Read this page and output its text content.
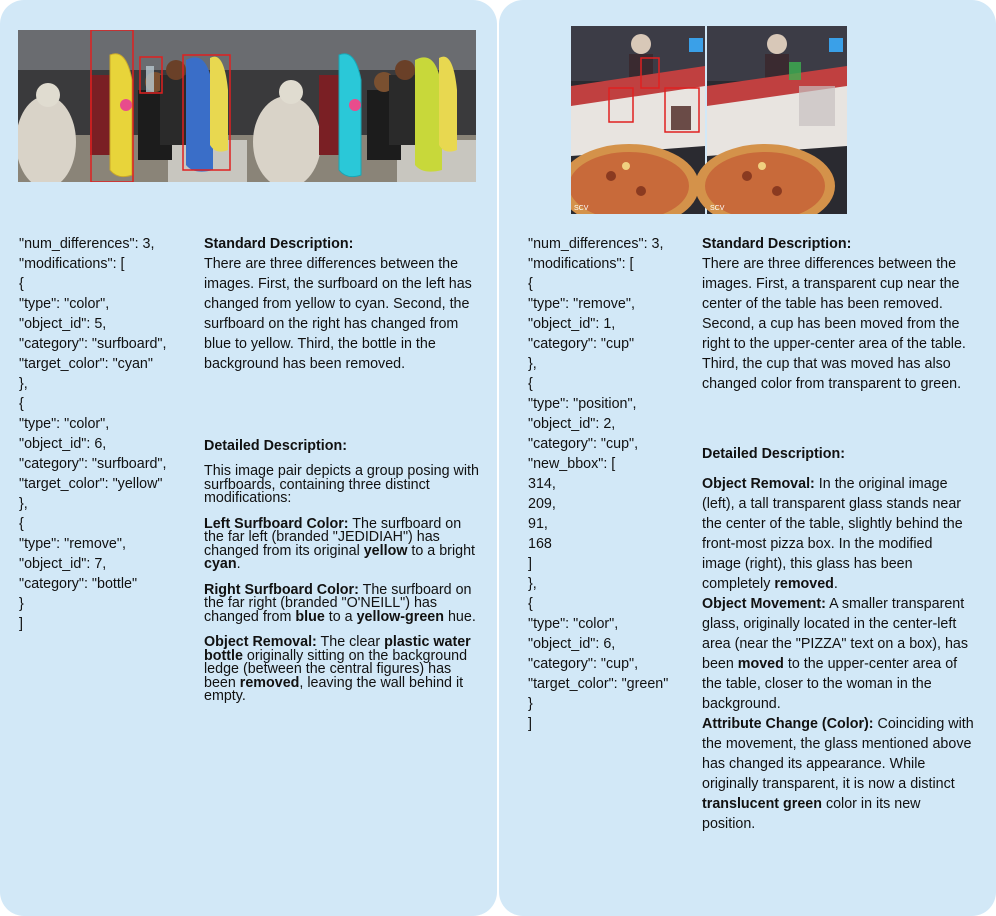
"num_differences": 3,
"modifications": [
{
"type": "color",
"object_id": 5,
"category": "surfboard",
"target_color": "cyan"
},
{
"type": "color",
"object_id": 6,
"category": "surfboard",
"target_color": "yellow"
},
{
"type": "remove",
"object_id": 7,
"category": "bottle"
}
]
Standard Description:

There are three differences between the images. First, the surfboard on the left has changed from yellow to cyan. Second, the surfboard on the right has changed from blue to yellow. Third, the bottle in the background has been removed.

Detailed Description:

This image pair depicts a group posing with surfboards, containing three distinct modifications:

Left Surfboard Color: The surfboard on the far left (branded "JEDIDIAH") has changed from its original yellow to a bright cyan.

Right Surfboard Color: The surfboard on the far right (branded "O'NEILL") has changed from blue to a yellow-green hue.

Object Removal: The clear plastic water bottle originally sitting on the background ledge (between the central figures) has been removed, leaving the wall behind it empty.

SCV	SCV
"num_differences": 3,
"modifications": [
{
"type": "remove",
"object_id": 1,
"category": "cup"
},
{
"type": "position",
"object_id": 2,
"category": "cup",
"new_bbox": [
314,
209,
91,
168
]
},
{
"type": "color",
"object_id": 6,
"category": "cup",
"target_color": "green"
}
]
Standard Description:

There are three differences between the images. First, a transparent cup near the center of the table has been removed. Second, a cup has been moved from the right to the upper-center area of the table. Third, the cup that was moved has also changed color from transparent to green.

Detailed Description:

Object Removal: In the original image (left), a tall transparent glass stands near the center of the table, slightly behind the front-most pizza box. In the modified image (right), this glass has been completely removed.

Object Movement: A smaller transparent glass, originally located in the center-left area (near the "PIZZA" text on a box), has been moved to the upper-center area of the table, closer to the woman in the background.

Attribute Change (Color): Coinciding with the movement, the glass mentioned above has changed its appearance. While originally transparent, it is now a distinct translucent green color in its new position.
